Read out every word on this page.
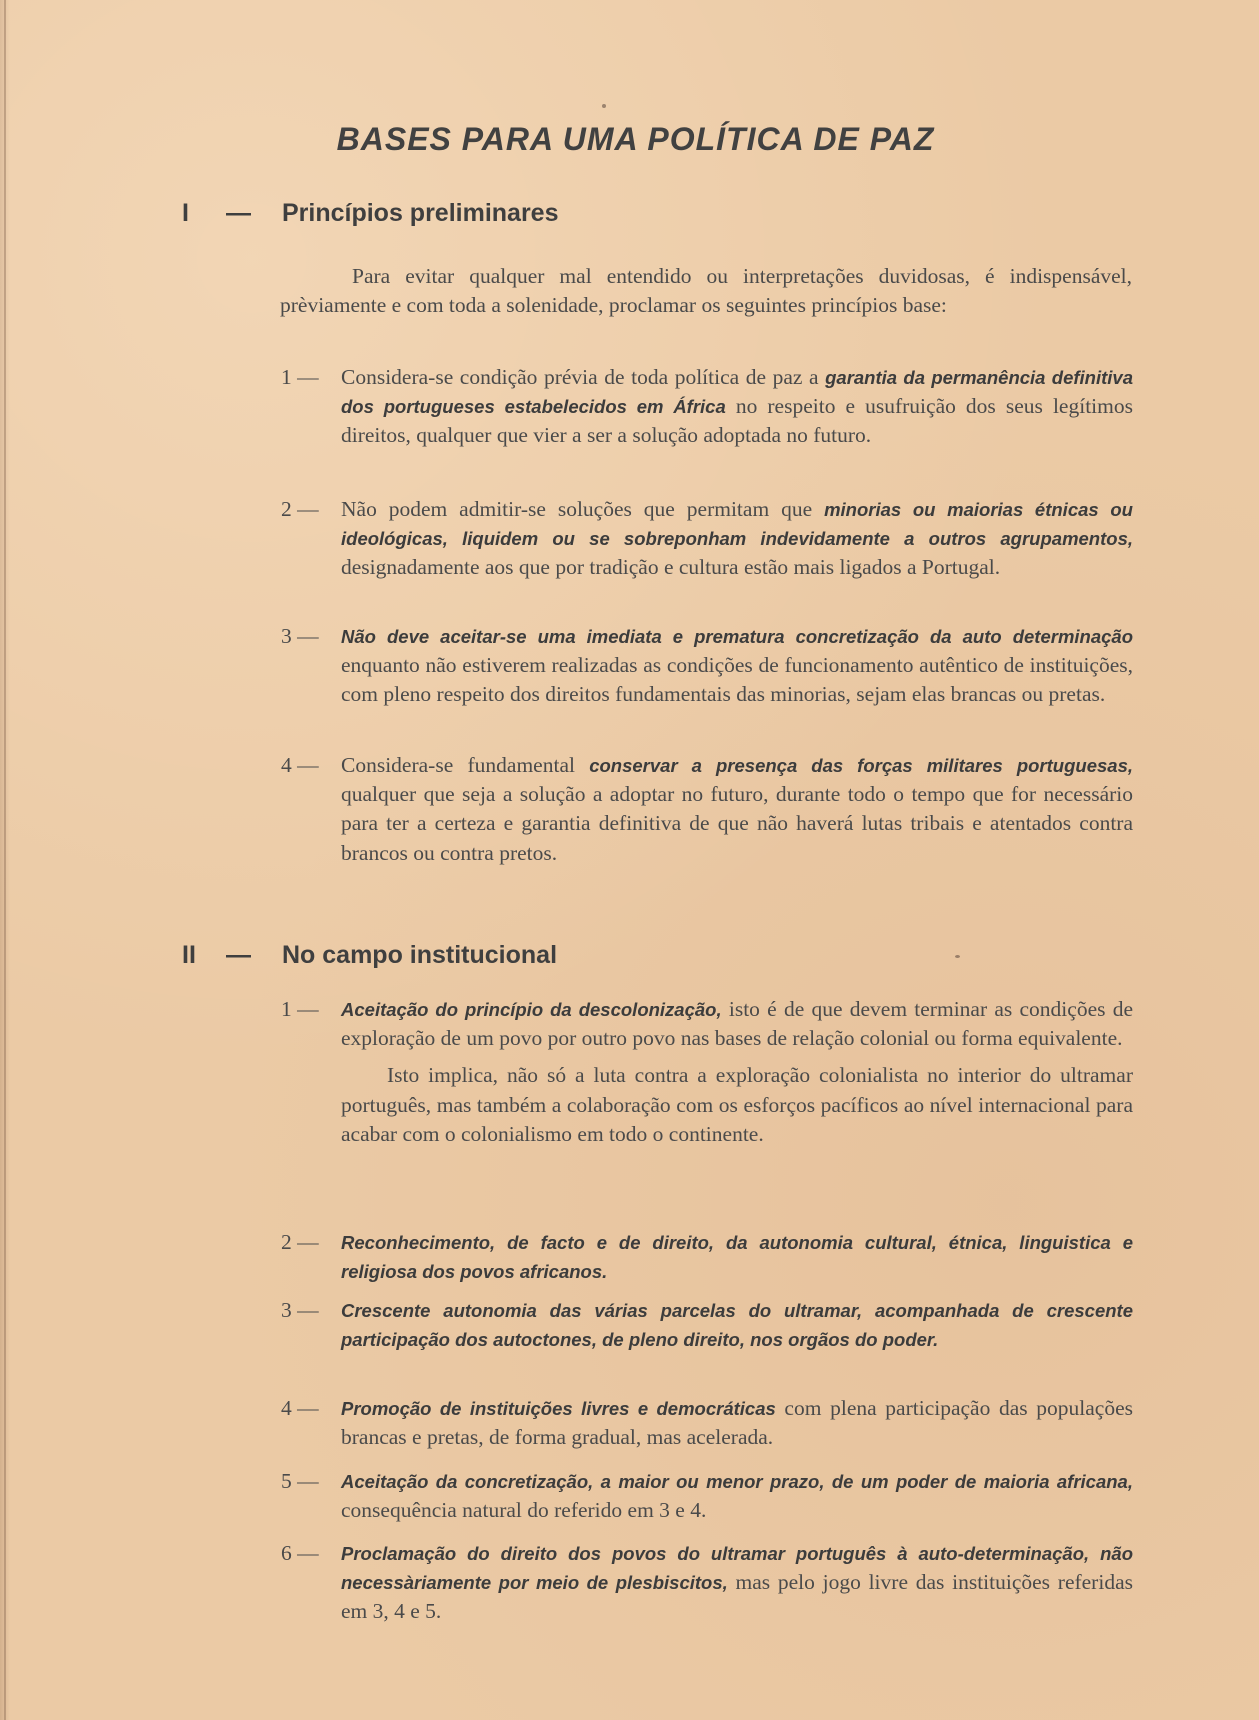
BASES PARA UMA POLÍTICA DE PAZ
I	—	Princípios preliminares

Para evitar qualquer mal entendido ou interpretações duvidosas, é indispensável, prèviamente e com toda a solenidade, proclamar os seguintes princípios base:

1 — Considera-se condição prévia de toda política de paz a garantia da permanência definitiva dos portugueses estabelecidos em África no respeito e usufruição dos seus legítimos direitos, qualquer que vier a ser a solução adoptada no futuro.
2 — Não podem admitir-se soluções que permitam que minorias ou maiorias étnicas ou ideológicas, liquidem ou se sobreponham indevidamente a outros agrupamentos, designadamente aos que por tradição e cultura estão mais ligados a Portugal.
3 — Não deve aceitar-se uma imediata e prematura concretização da auto determinação enquanto não estiverem realizadas as condições de funcionamento autêntico de instituições, com pleno respeito dos direitos fundamentais das minorias, sejam elas brancas ou pretas.
4 — Considera-se fundamental conservar a presença das forças militares portuguesas, qualquer que seja a solução a adoptar no futuro, durante todo o tempo que for necessário para ter a certeza e garantia definitiva de que não haverá lutas tribais e atentados contra brancos ou contra pretos.
II	—	No campo institucional
1 — Aceitação do princípio da descolonização, isto é de que devem terminar as condições de exploração de um povo por outro povo nas bases de relação colonial ou forma equivalente.
Isto implica, não só a luta contra a exploração colonialista no interior do ultramar português, mas também a colaboração com os esforços pacíficos ao nível internacional para acabar com o colonialismo em todo o continente.
2 — Reconhecimento, de facto e de direito, da autonomia cultural, étnica, linguistica e religiosa dos povos africanos.
3 — Crescente autonomia das várias parcelas do ultramar, acompanhada de crescente participação dos autoctones, de pleno direito, nos orgãos do poder.
4 — Promoção de instituições livres e democráticas com plena participação das populações brancas e pretas, de forma gradual, mas acelerada.
5 — Aceitação da concretização, a maior ou menor prazo, de um poder de maioria africana, consequência natural do referido em 3 e 4.
6 — Proclamação do direito dos povos do ultramar português à auto-determinação, não necessàriamente por meio de plesbiscitos, mas pelo jogo livre das instituições referidas em 3, 4 e 5.
